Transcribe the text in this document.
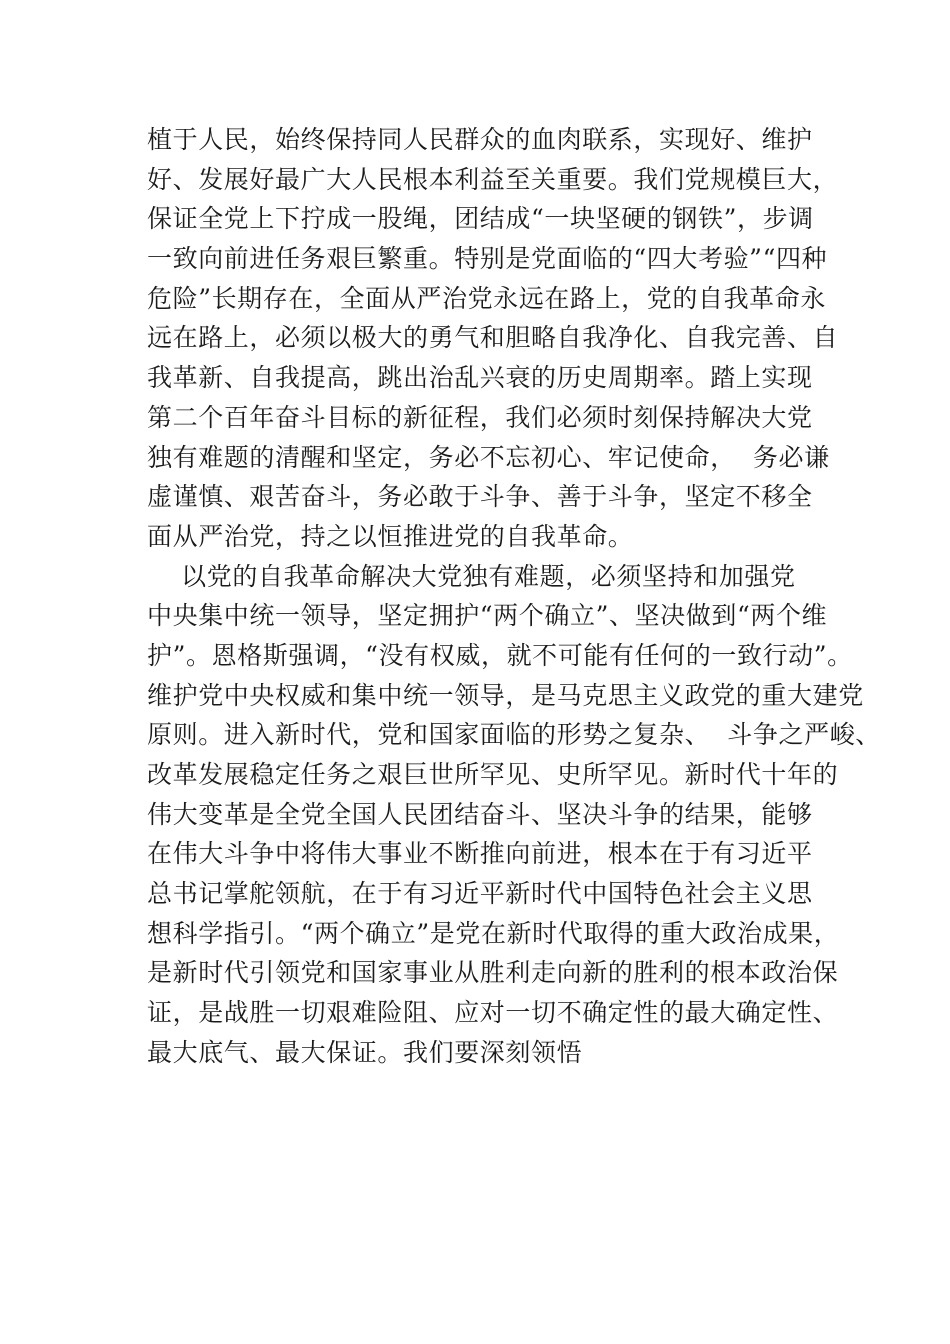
植于人民，始终保持同人民群众的血肉联系，实现好、维护
好、发展好最广大人民根本利益至关重要。我们党规模巨大，
保证全党上下拧成一股绳，团结成“一块坚硬的钢铁”，步调
一致向前进任务艰巨繁重。特别是党面临的“四大考验”“四种
危险”长期存在，全面从严治党永远在路上，党的自我革命永
远在路上，必须以极大的勇气和胆略自我净化、自我完善、自
我革新、自我提高，跳出治乱兴衰的历史周期率。踏上实现
第二个百年奋斗目标的新征程，我们必须时刻保持解决大党
独有难题的清醒和坚定，务必不忘初心、牢记使命，  务必谦
虚谨慎、艰苦奋斗，务必敢于斗争、善于斗争，坚定不移全
面从严治党，持之以恒推进党的自我革命。
以党的自我革命解决大党独有难题，必须坚持和加强党
中央集中统一领导，坚定拥护“两个确立”、坚决做到“两个维
护”。恩格斯强调，“没有权威，就不可能有任何的一致行动”。
维护党中央权威和集中统一领导，是马克思主义政党的重大建党
原则。进入新时代，党和国家面临的形势之复杂、  斗争之严峻、
改革发展稳定任务之艰巨世所罕见、史所罕见。新时代十年的
伟大变革是全党全国人民团结奋斗、坚决斗争的结果，能够
在伟大斗争中将伟大事业不断推向前进，根本在于有习近平
总书记掌舵领航，在于有习近平新时代中国特色社会主义思
想科学指引。“两个确立”是党在新时代取得的重大政治成果，
是新时代引领党和国家事业从胜利走向新的胜利的根本政治保
证，是战胜一切艰难险阻、应对一切不确定性的最大确定性、
最大底气、最大保证。我们要深刻领悟
